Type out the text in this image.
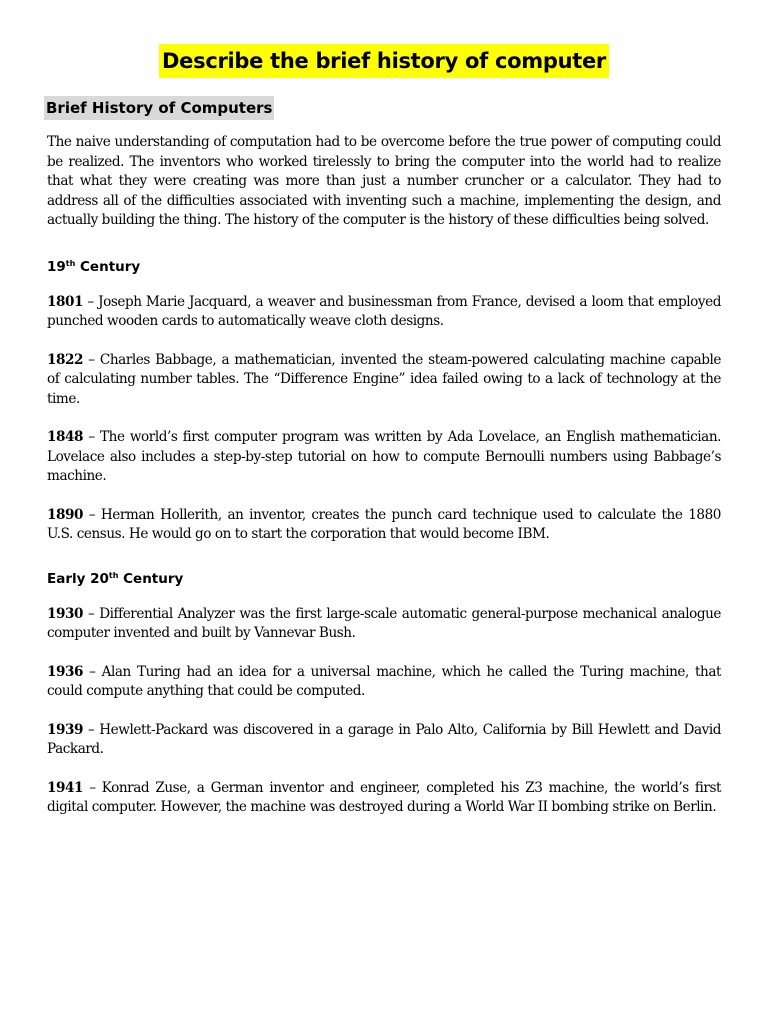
Describe the brief history of computer
Brief History of Computers

The naive understanding of computation had to be overcome before the true power of computing could be realized. The inventors who worked tirelessly to bring the computer into the world had to realize that what they were creating was more than just a number cruncher or a calculator. They had to address all of the difficulties associated with inventing such a machine, implementing the design, and actually building the thing. The history of the computer is the history of these difficulties being solved.

19th Century

1801 – Joseph Marie Jacquard, a weaver and businessman from France, devised a loom that employed punched wooden cards to automatically weave cloth designs.

1822 – Charles Babbage, a mathematician, invented the steam-powered calculating machine capable of calculating number tables. The “Difference Engine” idea failed owing to a lack of technology at the time.

1848 – The world’s first computer program was written by Ada Lovelace, an English mathematician. Lovelace also includes a step-by-step tutorial on how to compute Bernoulli numbers using Babbage’s machine.

1890 – Herman Hollerith, an inventor, creates the punch card technique used to calculate the 1880 U.S. census. He would go on to start the corporation that would become IBM.

Early 20th Century

1930 – Differential Analyzer was the first large-scale automatic general-purpose mechanical analogue computer invented and built by Vannevar Bush.

1936 – Alan Turing had an idea for a universal machine, which he called the Turing machine, that could compute anything that could be computed.

1939 – Hewlett-Packard was discovered in a garage in Palo Alto, California by Bill Hewlett and David Packard.

1941 – Konrad Zuse, a German inventor and engineer, completed his Z3 machine, the world’s first digital computer. However, the machine was destroyed during a World War II bombing strike on Berlin.
